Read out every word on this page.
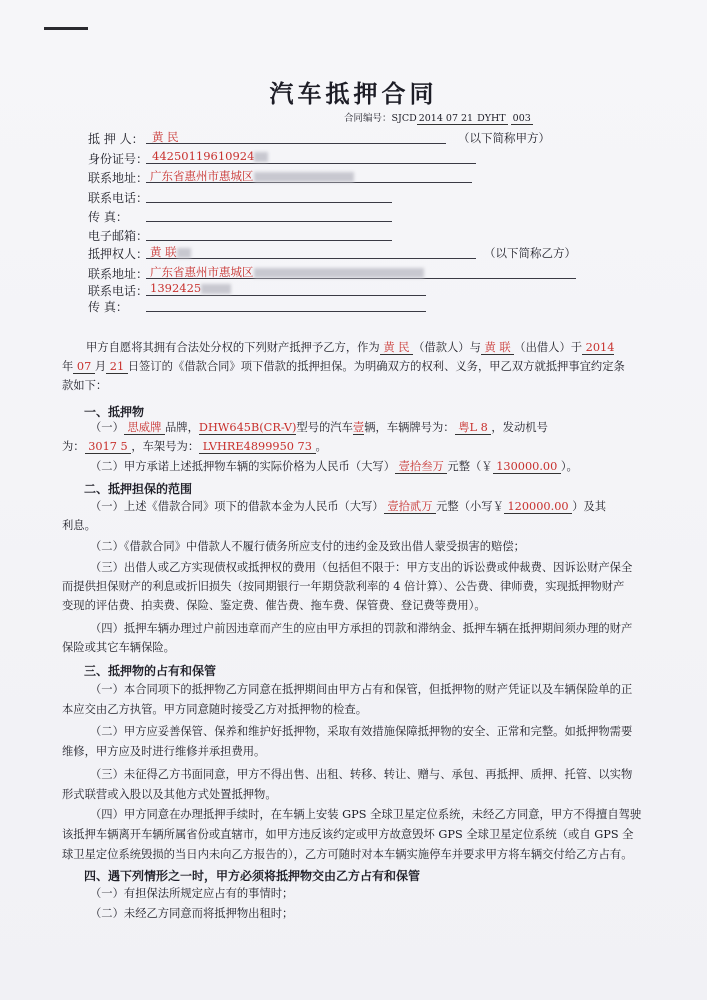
汽车抵押合同
合同编号：SJCD2014 07 21DYHT 003
抵 押 人： 黄 民	（以下简称甲方）
身份证号： 44250119610924
联系地址： 广东省惠州市惠城区
联系电话：
传 真：
电子邮箱：
抵押权人： 黄 联	（以下简称乙方）
联系地址： 广东省惠州市惠城区
联系电话： 1392425
传 真：
甲方自愿将其拥有合法处分权的下列财产抵押予乙方，作为 黄 民 （借款人）与 黄 联 （出借人）于 2014
年 07 月 21 日签订的《借款合同》项下借款的抵押担保。为明确双方的权利、义务，甲乙双方就抵押事宜约定条
款如下：
一、抵押物
（一） 思威牌 品牌，DHW645B(CR-V)型号的汽车壹辆，车辆牌号为： 粤L 8 ，发动机号
为： 3017 5 ，车架号为： LVHRE4899950 73 。
（二）甲方承诺上述抵押物车辆的实际价格为人民币（大写） 壹拾叁万 元整（￥ 130000.00 ）。
二、抵押担保的范围
（一）上述《借款合同》项下的借款本金为人民币（大写） 壹拾贰万 元整（小写￥ 120000.00 ）及其
利息。
（二）《借款合同》中借款人不履行债务所应支付的违约金及致出借人蒙受损害的赔偿；
（三）出借人或乙方实现债权或抵押权的费用（包括但不限于：甲方支出的诉讼费或仲裁费、因诉讼财产保全
而提供担保财产的利息或折旧损失（按同期银行一年期贷款利率的 4 倍计算）、公告费、律师费，实现抵押物财产
变现的评估费、拍卖费、保险、鉴定费、催告费、拖车费、保管费、登记费等费用）。
（四）抵押车辆办理过户前因违章而产生的应由甲方承担的罚款和滞纳金、抵押车辆在抵押期间须办理的财产
保险或其它车辆保险。
三、抵押物的占有和保管
（一）本合同项下的抵押物乙方同意在抵押期间由甲方占有和保管，但抵押物的财产凭证以及车辆保险单的正
本应交由乙方执管。甲方同意随时接受乙方对抵押物的检查。
（二）甲方应妥善保管、保养和维护好抵押物，采取有效措施保障抵押物的安全、正常和完整。如抵押物需要
维修，甲方应及时进行维修并承担费用。
（三）未征得乙方书面同意，甲方不得出售、出租、转移、转让、赠与、承包、再抵押、质押、托管、以实物
形式联营或入股以及其他方式处置抵押物。
（四）甲方同意在办理抵押手续时，在车辆上安装 GPS 全球卫星定位系统，未经乙方同意，甲方不得擅自驾驶
该抵押车辆离开车辆所属省份或直辖市，如甲方违反该约定或甲方故意毁坏 GPS 全球卫星定位系统（或自 GPS 全
球卫星定位系统毁损的当日内未向乙方报告的），乙方可随时对本车辆实施停车并要求甲方将车辆交付给乙方占有。
四、遇下列情形之一时，甲方必须将抵押物交由乙方占有和保管
（一）有担保法所规定应占有的事情时；
（二）未经乙方同意而将抵押物出租时；
